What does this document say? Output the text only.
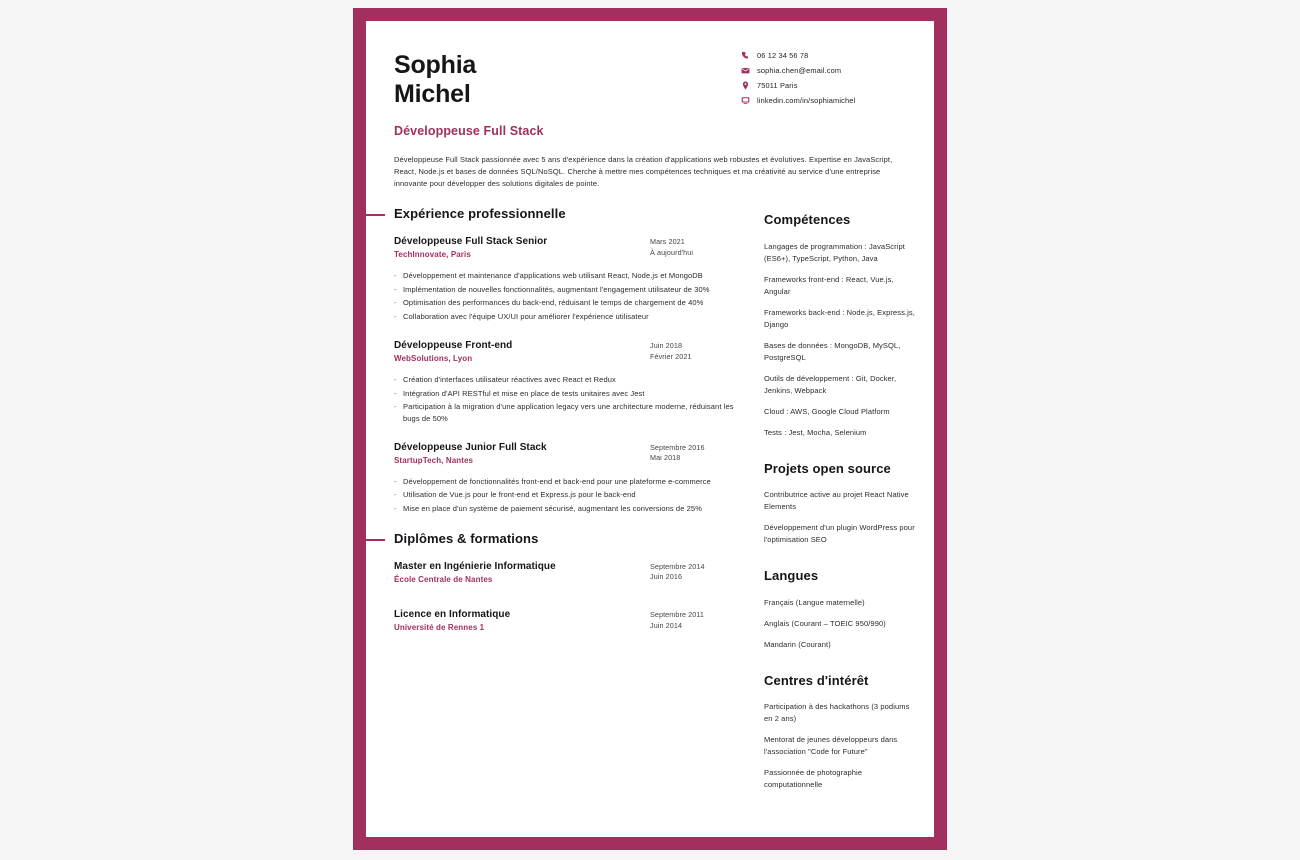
Sophia
Michel
Développeuse Full Stack
06 12 34 56 78
sophia.chen@email.com
75011 Paris
linkedin.com/in/sophiamichel
Développeuse Full Stack passionnée avec 5 ans d'expérience dans la création d'applications web robustes et évolutives. Expertise en JavaScript, React, Node.js et bases de données SQL/NoSQL. Cherche à mettre mes compétences techniques et ma créativité au service d'une entreprise innovante pour développer des solutions digitales de pointe.
Expérience professionnelle
Développeuse Full Stack Senior
TechInnovate, Paris
Mars 2021
À aujourd'hui
- Développement et maintenance d'applications web utilisant React, Node.js et MongoDB
- Implémentation de nouvelles fonctionnalités, augmentant l'engagement utilisateur de 30%
- Optimisation des performances du back-end, réduisant le temps de chargement de 40%
- Collaboration avec l'équipe UX/UI pour améliorer l'expérience utilisateur
Développeuse Front-end
WebSolutions, Lyon
Juin 2018
Février 2021
- Création d'interfaces utilisateur réactives avec React et Redux
- Intégration d'API RESTful et mise en place de tests unitaires avec Jest
- Participation à la migration d'une application legacy vers une architecture moderne, réduisant les bugs de 50%
Développeuse Junior Full Stack
StartupTech, Nantes
Septembre 2016
Mai 2018
- Développement de fonctionnalités front-end et back-end pour une plateforme e-commerce
- Utilisation de Vue.js pour le front-end et Express.js pour le back-end
- Mise en place d'un système de paiement sécurisé, augmentant les conversions de 25%
Diplômes & formations
Master en Ingénierie Informatique
École Centrale de Nantes
Septembre 2014
Juin 2016
Licence en Informatique
Université de Rennes 1
Septembre 2011
Juin 2014
Compétences
Langages de programmation : JavaScript (ES6+), TypeScript, Python, Java
Frameworks front-end : React, Vue.js, Angular
Frameworks back-end : Node.js, Express.js, Django
Bases de données : MongoDB, MySQL, PostgreSQL
Outils de développement : Git, Docker, Jenkins, Webpack
Cloud : AWS, Google Cloud Platform
Tests : Jest, Mocha, Selenium
Projets open source
Contributrice active au projet React Native Elements
Développement d'un plugin WordPress pour l'optimisation SEO
Langues
Français (Langue maternelle)
Anglais (Courant – TOEIC 950/990)
Mandarin (Courant)
Centres d'intérêt
Participation à des hackathons (3 podiums en 2 ans)
Mentorat de jeunes développeurs dans l'association "Code for Future"
Passionnée de photographie computationnelle
